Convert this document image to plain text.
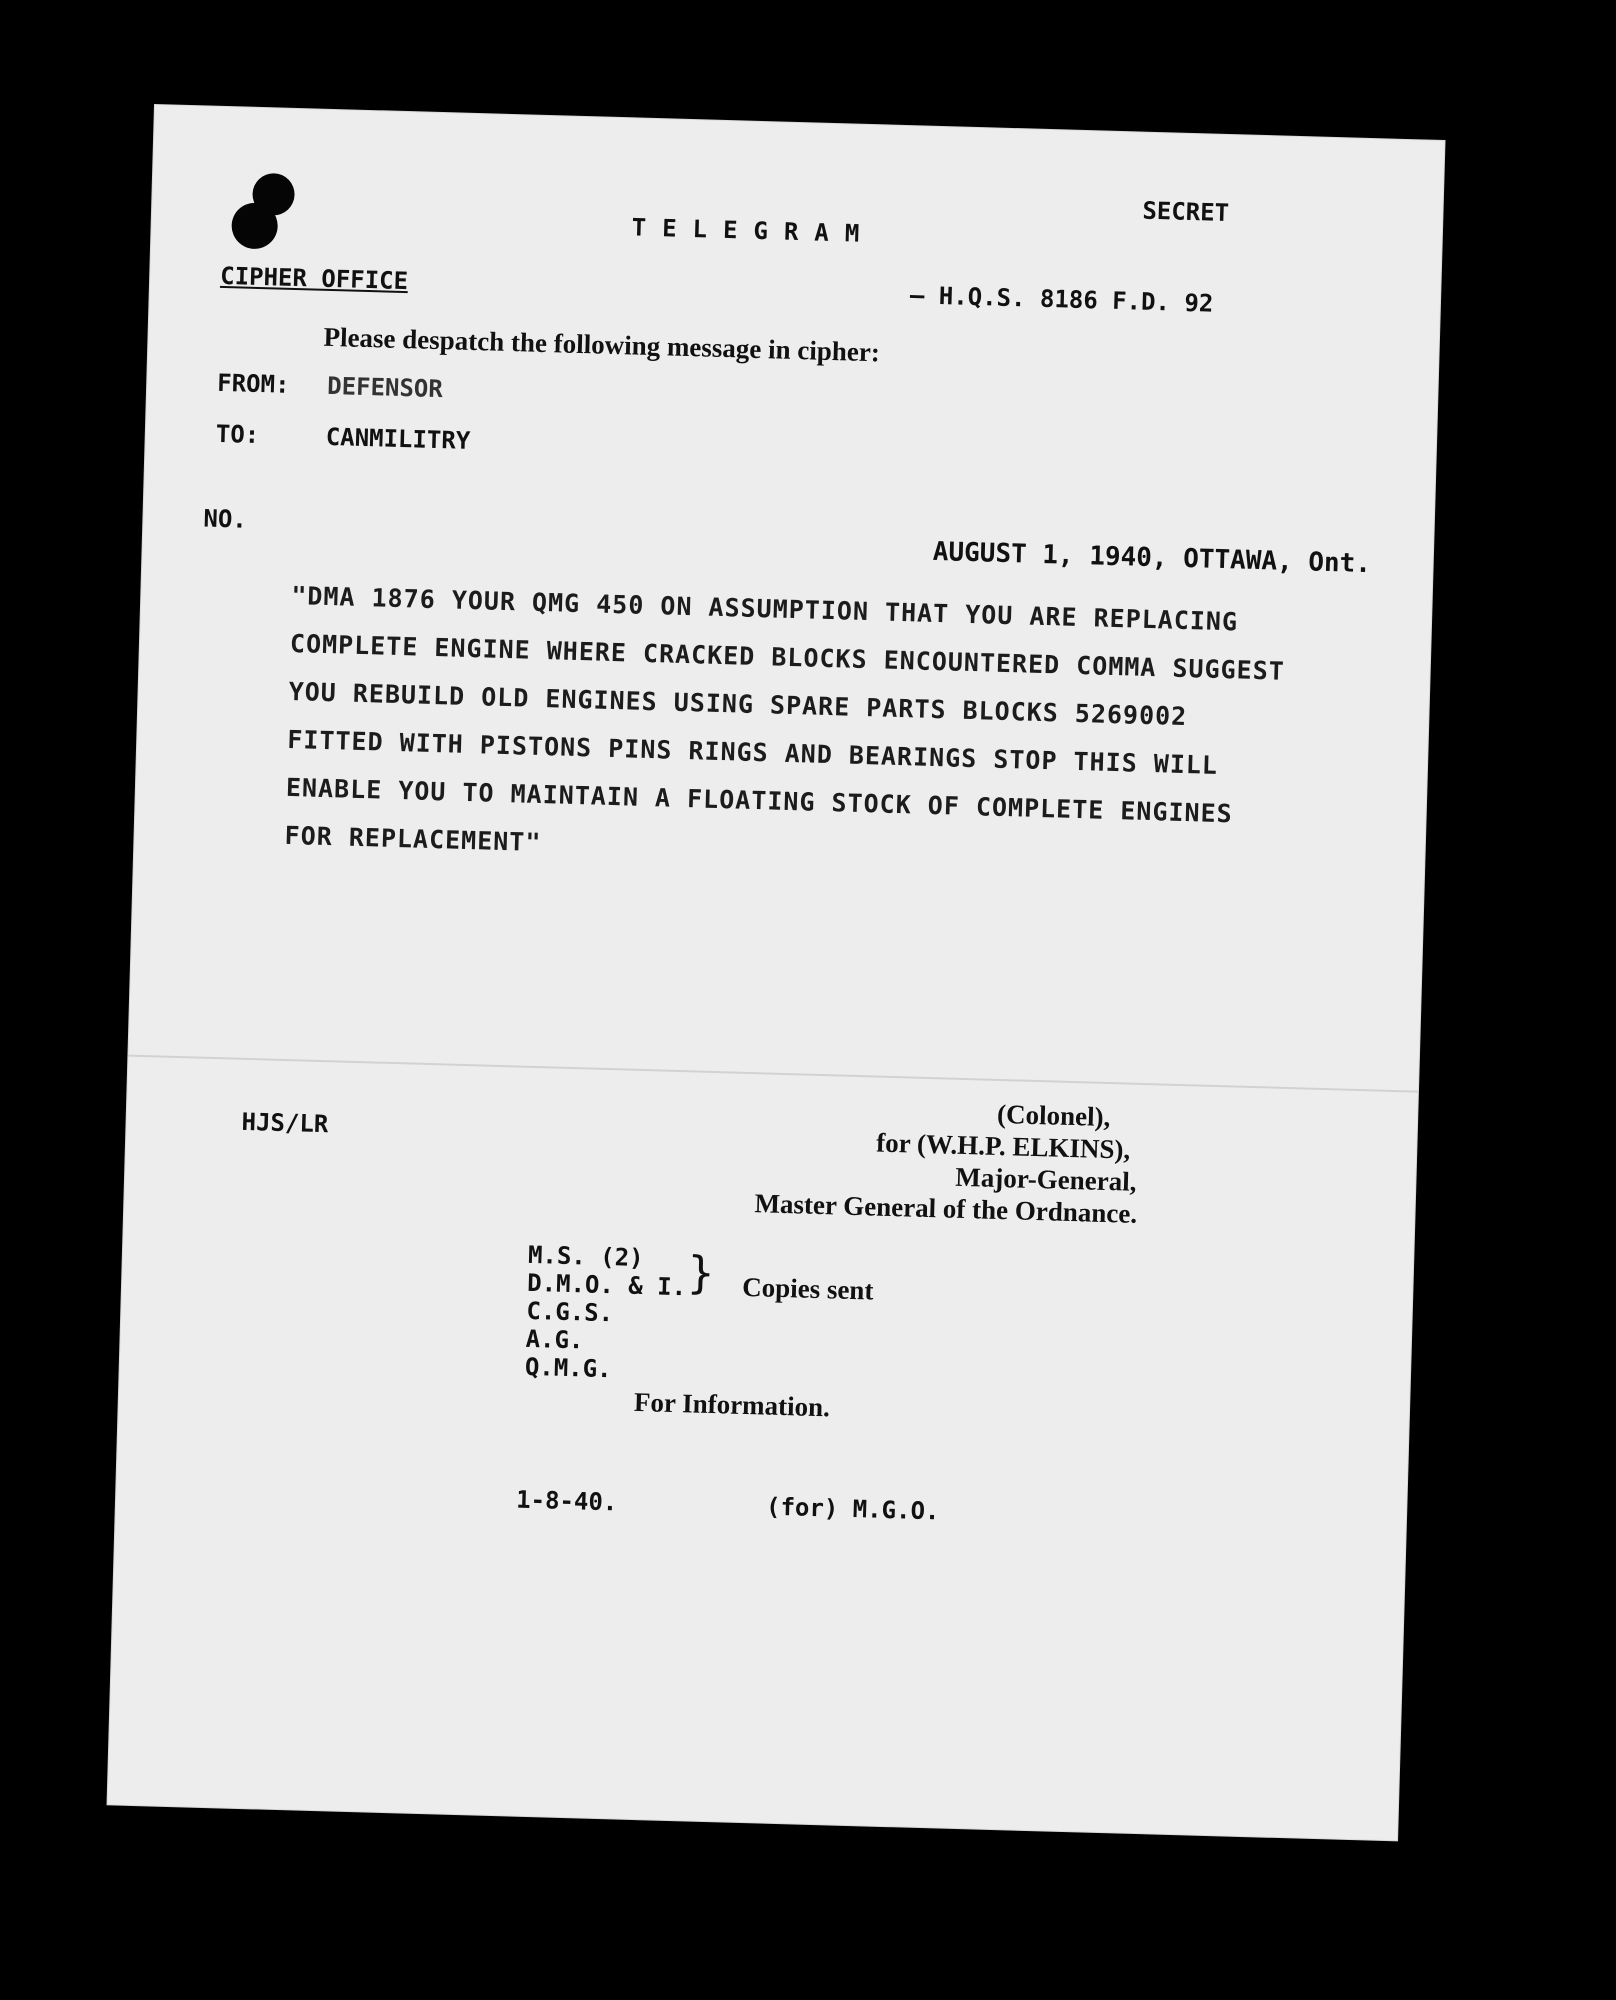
SECRET
TELEGRAM
CIPHER OFFICE
— H.Q.S. 8186 F.D. 92
Please despatch the following message in cipher:
FROM: DEFENSOR
TO:	CANMILITRY
NO.
AUGUST 1, 1940, OTTAWA, Ont.
"DMA 1876 YOUR QMG 450 ON ASSUMPTION THAT YOU ARE REPLACING
COMPLETE ENGINE WHERE CRACKED BLOCKS ENCOUNTERED COMMA SUGGEST
YOU REBUILD OLD ENGINES USING SPARE PARTS BLOCKS 5269002
FITTED WITH PISTONS PINS RINGS AND BEARINGS STOP THIS WILL
ENABLE YOU TO MAINTAIN A FLOATING STOCK OF COMPLETE ENGINES
FOR REPLACEMENT"
HJS/LR	(Colonel),
for (W.H.P. ELKINS),
Major-General,
Master General of the Ordnance.
M.S. (2)
D.M.O. & I.
C.G.S.
A.G.
Q.M.G.
} Copies sent
For Information.
1-8-40.	(for) M.G.O.
